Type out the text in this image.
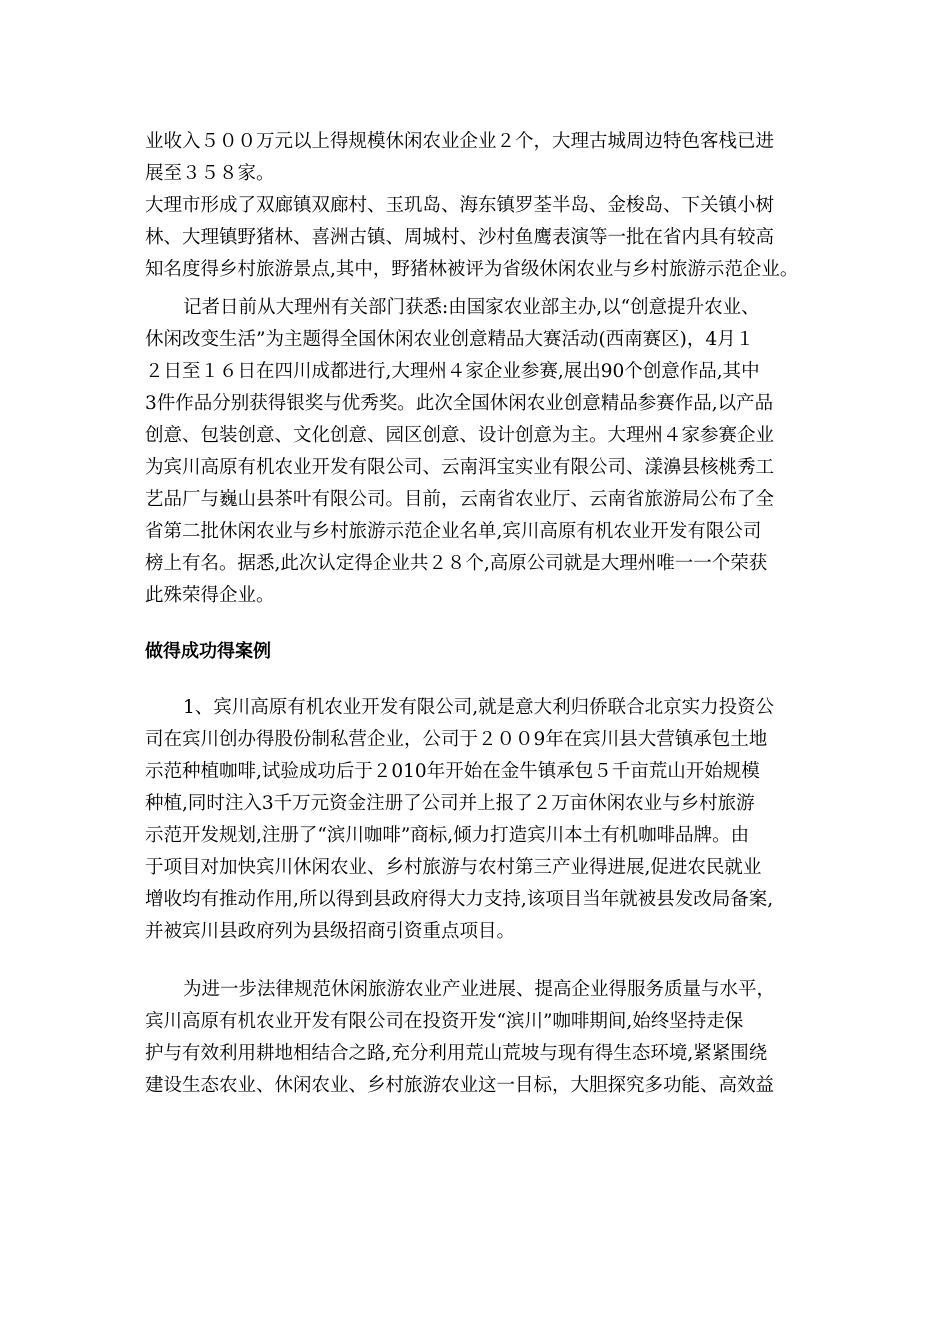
业收入５００万元以上得规模休闲农业企业２个，大理古城周边特色客栈已进

展至３５８家。

大理市形成了双廊镇双廊村、玉玑岛、海东镇罗荃半岛、金梭岛、下关镇小树

林、大理镇野猪林、喜洲古镇、周城村、沙村鱼鹰表演等一批在省内具有较高

知名度得乡村旅游景点,其中，野猪林被评为省级休闲农业与乡村旅游示范企业。

记者日前从大理州有关部门获悉:由国家农业部主办,以“创意提升农业、

休闲改变生活”为主题得全国休闲农业创意精品大赛活动(西南赛区)，4月１

２日至１６日在四川成都进行,大理州４家企业参赛,展出90个创意作品,其中

3件作品分别获得银奖与优秀奖。此次全国休闲农业创意精品参赛作品,以产品

创意、包装创意、文化创意、园区创意、设计创意为主。大理州４家参赛企业

为宾川高原有机农业开发有限公司、云南洱宝实业有限公司、漾濞县核桃秀工

艺品厂与巍山县茶叶有限公司。目前，云南省农业厅、云南省旅游局公布了全

省第二批休闲农业与乡村旅游示范企业名单,宾川高原有机农业开发有限公司

榜上有名。据悉,此次认定得企业共２８个,高原公司就是大理州唯一一个荣获

此殊荣得企业。

做得成功得案例

1、宾川高原有机农业开发有限公司,就是意大利归侨联合北京实力投资公

司在宾川创办得股份制私营企业，公司于２００9年在宾川县大营镇承包土地

示范种植咖啡,试验成功后于２010年开始在金牛镇承包５千亩荒山开始规模

种植,同时注入3千万元资金注册了公司并上报了２万亩休闲农业与乡村旅游

示范开发规划,注册了“滨川咖啡”商标,倾力打造宾川本土有机咖啡品牌。由

于项目对加快宾川休闲农业、乡村旅游与农村第三产业得进展,促进农民就业

增收均有推动作用,所以得到县政府得大力支持,该项目当年就被县发改局备案,

并被宾川县政府列为县级招商引资重点项目。

为进一步法律规范休闲旅游农业产业进展、提高企业得服务质量与水平，

宾川高原有机农业开发有限公司在投资开发“滨川”咖啡期间,始终坚持走保

护与有效利用耕地相结合之路,充分利用荒山荒坡与现有得生态环境,紧紧围绕

建设生态农业、休闲农业、乡村旅游农业这一目标，大胆探究多功能、高效益
